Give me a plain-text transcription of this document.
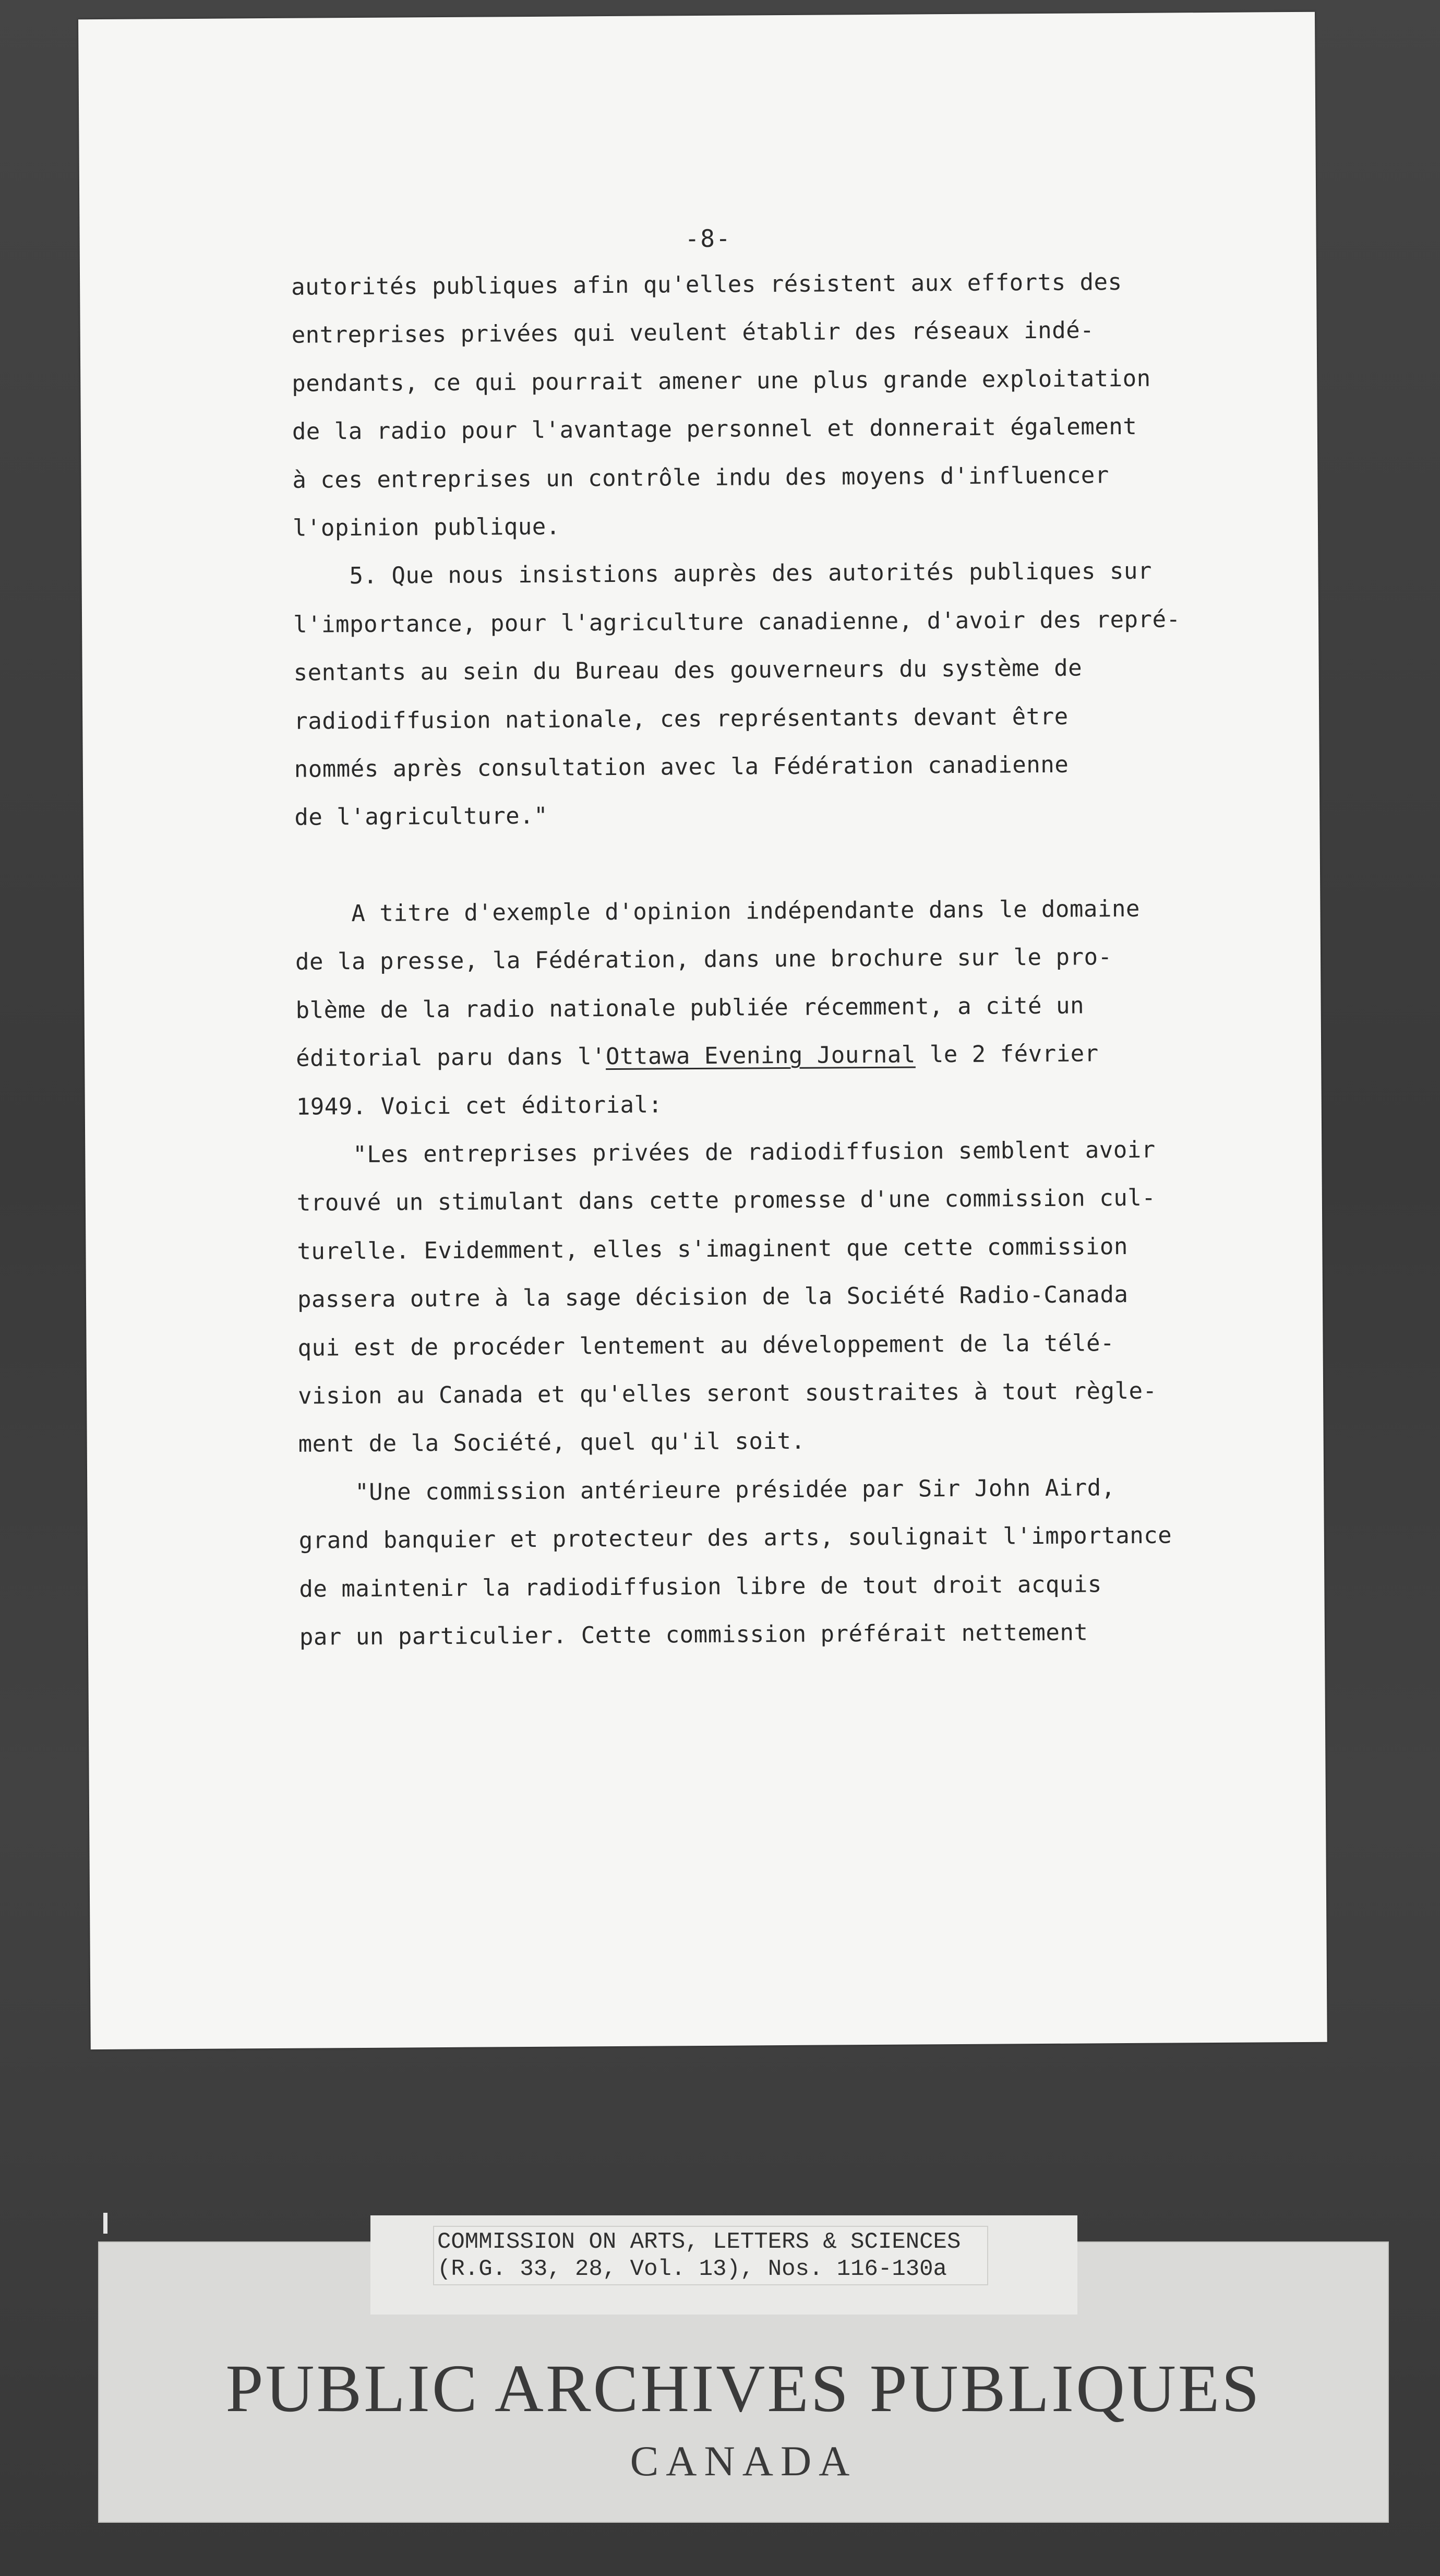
-8-
autorités publiques afin qu'elles résistent aux efforts des
entreprises privées qui veulent établir des réseaux indé-
pendants, ce qui pourrait amener une plus grande exploitation
de la radio pour l'avantage personnel et donnerait également
à ces entreprises un contrôle indu des moyens d'influencer
l'opinion publique.
5. Que nous insistions auprès des autorités publiques sur
l'importance, pour l'agriculture canadienne, d'avoir des repré-
sentants au sein du Bureau des gouverneurs du système de
radiodiffusion nationale, ces représentants devant être
nommés après consultation avec la Fédération canadienne
de l'agriculture."
A titre d'exemple d'opinion indépendante dans le domaine
de la presse, la Fédération, dans une brochure sur le pro-
blème de la radio nationale publiée récemment, a cité un
éditorial paru dans l'Ottawa Evening Journal le 2 février
1949. Voici cet éditorial:
"Les entreprises privées de radiodiffusion semblent avoir
trouvé un stimulant dans cette promesse d'une commission cul-
turelle. Evidemment, elles s'imaginent que cette commission
passera outre à la sage décision de la Société Radio-Canada
qui est de procéder lentement au développement de la télé-
vision au Canada et qu'elles seront soustraites à tout règle-
ment de la Société, quel qu'il soit.
"Une commission antérieure présidée par Sir John Aird,
grand banquier et protecteur des arts, soulignait l'importance
de maintenir la radiodiffusion libre de tout droit acquis
par un particulier. Cette commission préférait nettement
PUBLIC ARCHIVES PUBLIQUES
CANADA
COMMISSION ON ARTS, LETTERS & SCIENCES
(R.G. 33, 28, Vol. 13), Nos. 116-130a
